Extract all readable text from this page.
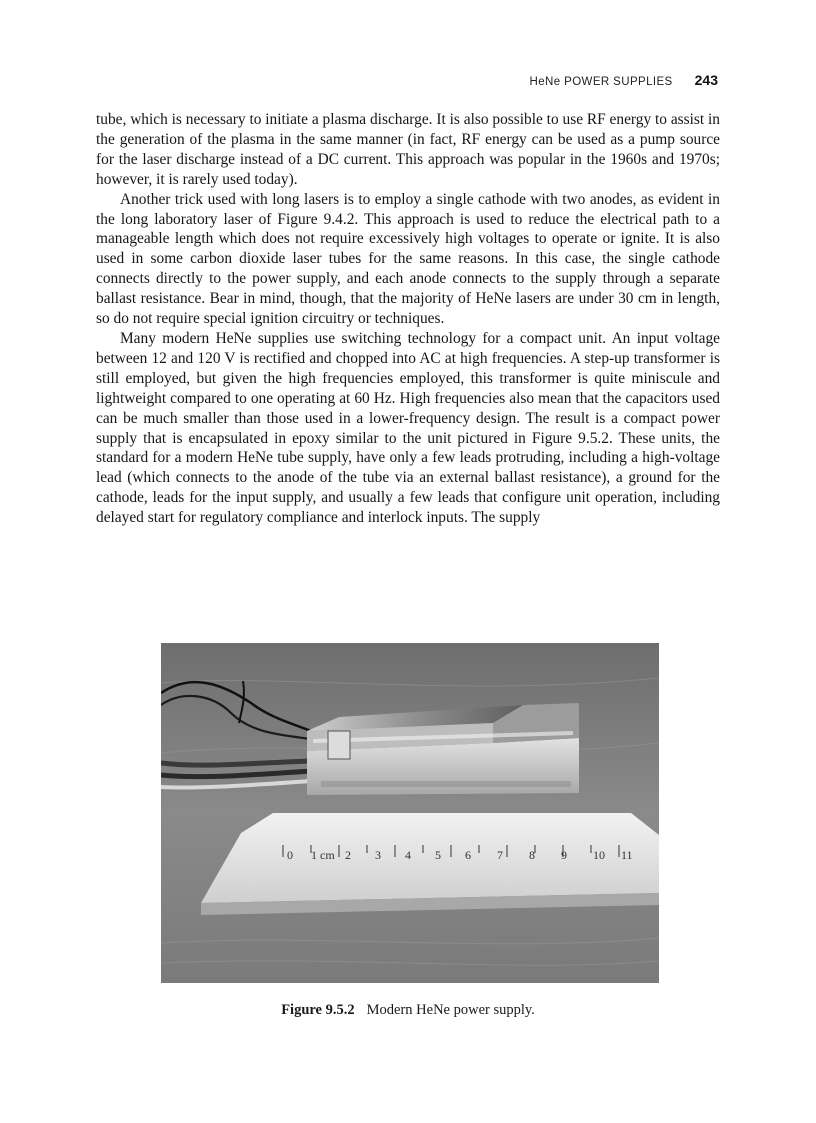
HeNe POWER SUPPLIES 243

tube, which is necessary to initiate a plasma discharge. It is also possible to use RF energy to assist in the generation of the plasma in the same manner (in fact, RF energy can be used as a pump source for the laser discharge instead of a DC current. This approach was popular in the 1960s and 1970s; however, it is rarely used today).

Another trick used with long lasers is to employ a single cathode with two anodes, as evident in the long laboratory laser of Figure 9.4.2. This approach is used to reduce the electrical path to a manageable length which does not require excessively high voltages to operate or ignite. It is also used in some carbon dioxide laser tubes for the same reasons. In this case, the single cathode connects directly to the power supply, and each anode connects to the supply through a separate ballast resistance. Bear in mind, though, that the majority of HeNe lasers are under 30 cm in length, so do not require special ignition circuitry or techniques.

Many modern HeNe supplies use switching technology for a compact unit. An input voltage between 12 and 120 V is rectified and chopped into AC at high frequencies. A step-up transformer is still employed, but given the high frequencies employed, this transformer is quite miniscule and lightweight compared to one operating at 60 Hz. High frequencies also mean that the capacitors used can be much smaller than those used in a lower-frequency design. The result is a compact power supply that is encapsulated in epoxy similar to the unit pictured in Figure 9.5.2. These units, the standard for a modern HeNe tube supply, have only a few leads protruding, including a high-voltage lead (which connects to the anode of the tube via an external ballast resistance), a ground for the cathode, leads for the input supply, and usually a few leads that configure unit operation, including delayed start for regulatory compliance and interlock inputs. The supply

0 1 cm 2 3 4 5 6 7 8 9 10 11
Figure 9.5.2 Modern HeNe power supply.
